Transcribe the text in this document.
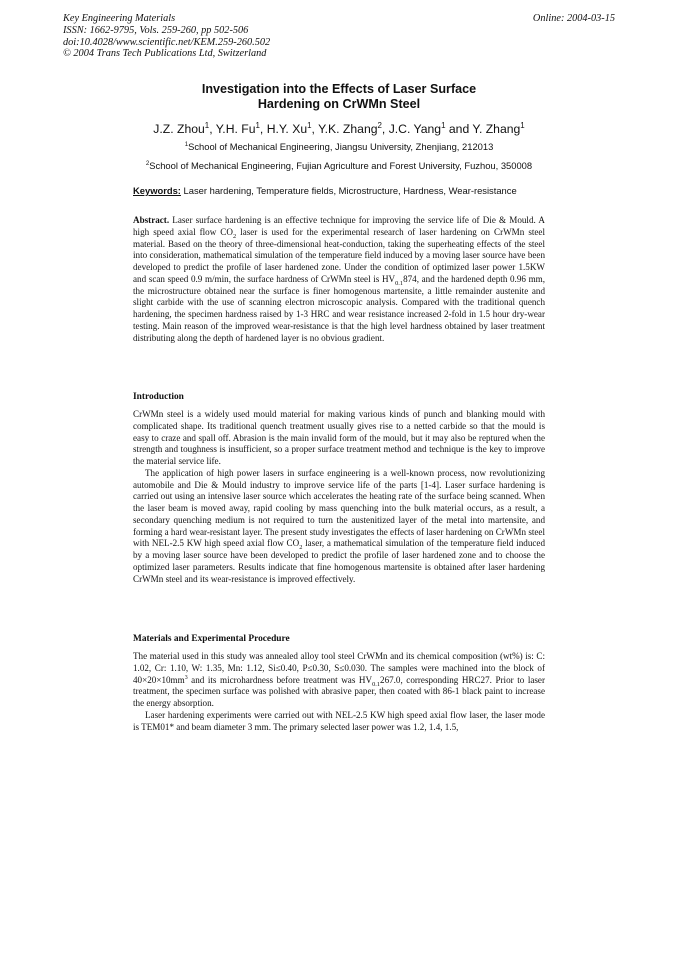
Key Engineering Materials
ISSN: 1662-9795, Vols. 259-260, pp 502-506
doi:10.4028/www.scientific.net/KEM.259-260.502
© 2004 Trans Tech Publications Ltd, Switzerland
Online: 2004-03-15
Investigation into the Effects of Laser Surface
Hardening on CrWMn Steel
J.Z. Zhou$^1$, Y.H. Fu$^1$, H.Y. Xu$^1$, Y.K. Zhang$^2$, J.C. Yang$^1$ and Y. Zhang$^1$
$^1$School of Mechanical Engineering, Jiangsu University, Zhenjiang, 212013
$^2$School of Mechanical Engineering, Fujian Agriculture and Forest University, Fuzhou, 350008
Keywords: Laser hardening, Temperature fields, Microstructure, Hardness, Wear-resistance

Abstract. Laser surface hardening is an effective technique for improving the service life of Die & Mould. A high speed axial flow $CO_2$ laser is used for the experimental research of laser hardening on CrWMn steel material. Based on the theory of three-dimensional heat-conduction, taking the superheating effects of the steel into consideration, mathematical simulation of the temperature field induced by a moving laser source have been developed to predict the profile of laser hardened zone. Under the condition of optimized laser power 1.5KW and scan speed 0.9 m/min, the surface hardness of CrWMn steel is $HV_{0.1}874$, and the hardened depth 0.96 mm, the microstructure obtained near the surface is finer homogenous martensite, a little remainder austenite and slight carbide with the use of scanning electron microscopic analysis. Compared with the traditional quench hardening, the specimen hardness raised by 1-3 HRC and wear resistance increased 2-fold in 1.5 hour dry-wear testing. Main reason of the improved wear-resistance is that the high level hardness obtained by laser treatment distributing along the depth of hardened layer is no obvious gradient.

Introduction

CrWMn steel is a widely used mould material for making various kinds of punch and blanking mould with complicated shape. Its traditional quench treatment usually gives rise to a netted carbide so that the mould is easy to craze and spall off. Abrasion is the main invalid form of the mould, but it may also be reptured when the strength and toughness is insufficient, so a proper surface treatment method and technique is the key to improve the material service life.

The application of high power lasers in surface engineering is a well-known process, now revolutionizing automobile and Die & Mould industry to improve service life of the parts [1-4]. Laser surface hardening is carried out using an intensive laser source which accelerates the heating rate of the surface being scanned. When the laser beam is moved away, rapid cooling by mass quenching into the bulk material occurs, as a result, a secondary quenching medium is not required to turn the austenitized layer of the metal into martensite, and forming a hard wear-resistant layer. The present study investigates the effects of laser hardening on CrWMn steel with NEL-2.5 KW high speed axial flow $CO_2$ laser, a mathematical simulation of the temperature field induced by a moving laser source have been developed to predict the profile of laser hardened zone and to choose the optimized laser parameters. Results indicate that fine homogenous martensite is obtained after laser hardening CrWMn steel and its wear-resistance is improved effectively.

Materials and Experimental Procedure

The material used in this study was annealed alloy tool steel CrWMn and its chemical composition (wt%) is: C: 1.02, Cr: 1.10, W: 1.35, Mn: 1.12, Si≤0.40, P≤0.30, S≤0.030. The samples were machined into the block of $40\times 20\times 10mm^3$ and its microhardness before treatment was $HV_{0.1}267.0$, corresponding HRC27. Prior to laser treatment, the specimen surface was polished with abrasive paper, then coated with 86-1 black paint to increase the energy absorption.

Laser hardening experiments were carried out with NEL-2.5 KW high speed axial flow laser, the laser mode is TEM01* and beam diameter 3 mm. The primary selected laser power was 1.2, 1.4, 1.5,
